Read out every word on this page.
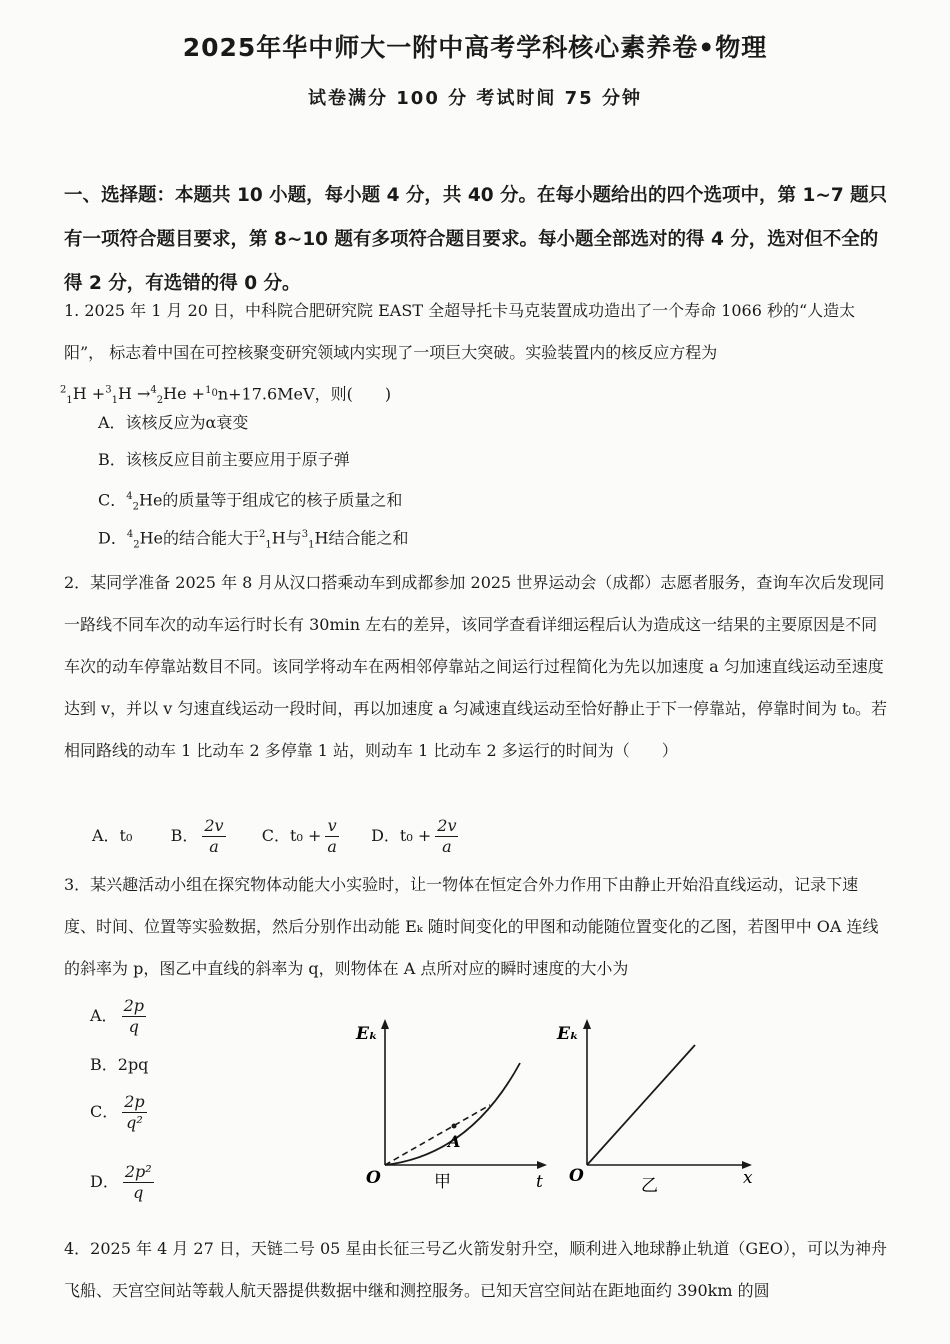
2025年华中师大一附中高考学科核心素养卷•物理
试卷满分 100 分 考试时间 75 分钟
一、选择题：本题共 10 小题，每小题 4 分，共 40 分。在每小题给出的四个选项中，第 1~7 题只有一项符合题目要求，第 8~10 题有多项符合题目要求。每小题全部选对的得 4 分，选对但不全的得 2 分，有选错的得 0 分。
1. 2025 年 1 月 20 日，中科院合肥研究院 EAST 全超导托卡马克装置成功造出了一个寿命 1066 秒的“人造太阳”， 标志着中国在可控核聚变研究领域内实现了一项巨大突破。实验装置内的核反应方程为
$^2_1$H +$^3_1$H →$^4_2$He +$^{1_0}$n+17.6MeV，则(　　)
A．该核反应为α衰变
B．该核反应目前主要应用于原子弹
C．$^4_2$He的质量等于组成它的核子质量之和
D．$^4_2$He的结合能大于$^2_1$H与$^3_1$H结合能之和
2．某同学准备 2025 年 8 月从汉口搭乘动车到成都参加 2025 世界运动会（成都）志愿者服务，查询车次后发现同一路线不同车次的动车运行时长有 30min 左右的差异，该同学查看详细运程后认为造成这一结果的主要原因是不同车次的动车停靠站数目不同。该同学将动车在两相邻停靠站之间运行过程简化为先以加速度 a 匀加速直线运动至速度达到 v，并以 v 匀速直线运动一段时间，再以加速度 a 匀减速直线运动至恰好静止于下一停靠站，停靠时间为 t₀。若相同路线的动车 1 比动车 2 多停靠 1 站，则动车 1 比动车 2 多运行的时间为（　　）
A．t₀ B． $\frac{2v}{a}$ C．$t_0 + \frac{v}{a}$ D．$t_0 + \frac{2v}{a}$
3．某兴趣活动小组在探究物体动能大小实验时，让一物体在恒定合外力作用下由静止开始沿直线运动，记录下速度、时间、位置等实验数据，然后分别作出动能 Eₖ 随时间变化的甲图和动能随位置变化的乙图，若图甲中 OA 连线的斜率为 p，图乙中直线的斜率为 q，则物体在 A 点所对应的瞬时速度的大小为
A． $\frac{2p}{q}$
B．2pq
C． $\frac{2p}{\text{q²}}$
D． $\frac{\text{2p²}}{q}$
Eₖ
t
O
A
甲
Eₖ
x
O	乙
4．2025 年 4 月 27 日，天链二号 05 星由长征三号乙火箭发射升空，顺利进入地球静止轨道（GEO），可以为神舟飞船、天宫空间站等载人航天器提供数据中继和测控服务。已知天宫空间站在距地面约 390km 的圆
